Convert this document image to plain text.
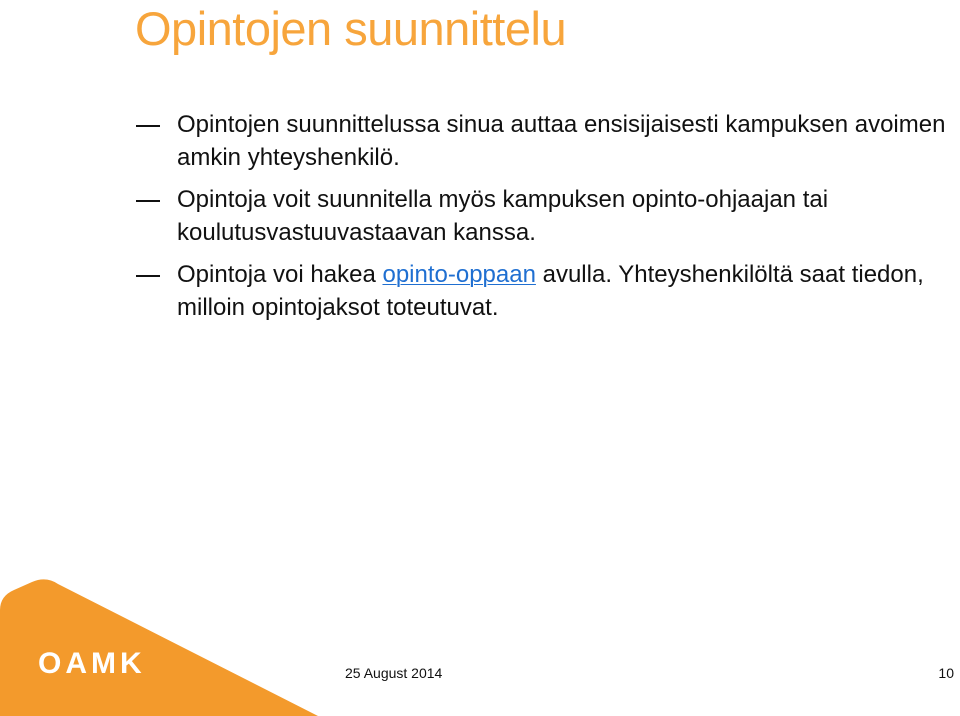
Opintojen suunnittelu
Opintojen suunnittelussa sinua auttaa ensisijaisesti kampuksen avoimen amkin yhteyshenkilö.
Opintoja voit suunnitella myös kampuksen opinto-ohjaajan tai koulutusvastuuvastaavan kanssa.
Opintoja voi hakea opinto-oppaan avulla. Yhteyshenkilöltä saat tiedon, milloin opintojaksot toteutuvat.
OAMK	25 August 2014	10
